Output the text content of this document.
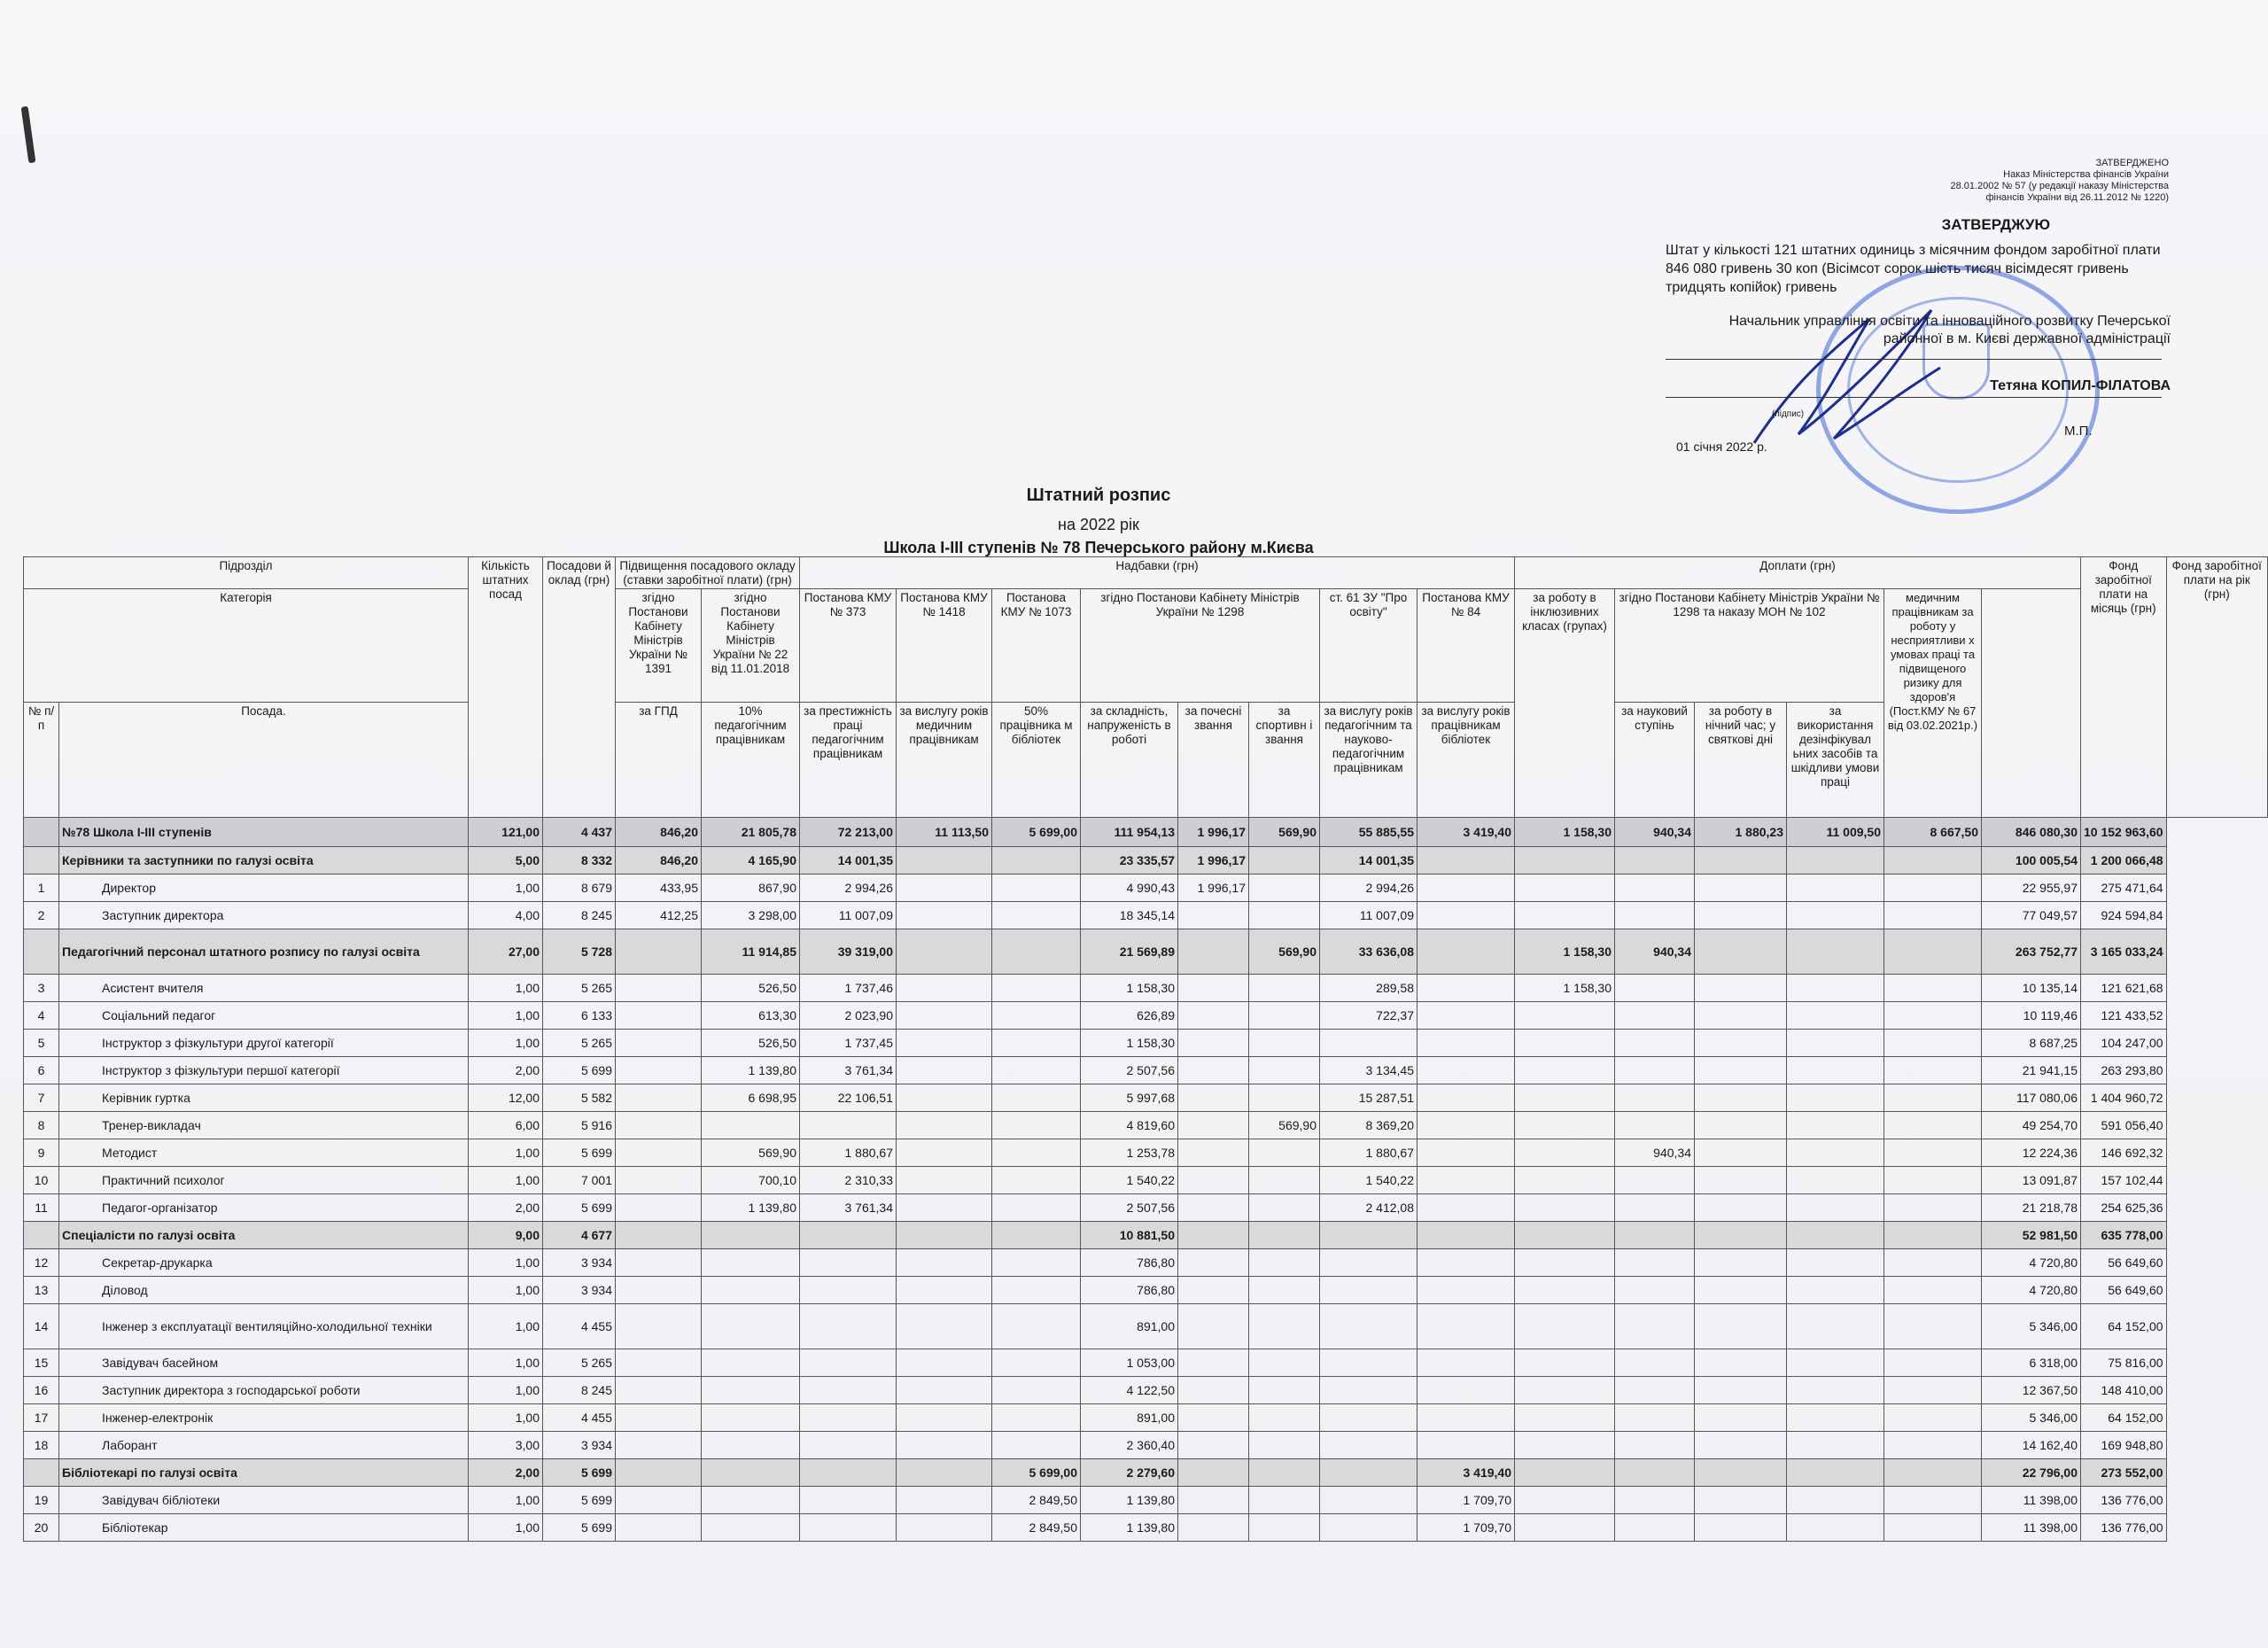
ЗАТВЕРДЖЕНО
Наказ Міністерства фінансів України
28.01.2002 № 57 (у редакції наказу Міністерства
фінансів України від 26.11.2012 № 1220)
ЗАТВЕРДЖУЮ
Штат у кількості 121 штатних одиниць з місячним фондом заробітної плати 846 080 гривень 30 коп (Вісімсот сорок шість тисяч вісімдесят гривень тридцять копійок) гривень
Начальник управління освіти та інноваційного розвитку Печерської районної в м. Києві державної адміністрації
Тетяна КОПИЛ-ФІЛАТОВА
(підпис)
М.П.
01 січня 2022 р.
Штатний розпис
на 2022 рік
Школа І-ІІІ ступенів № 78 Печерського району м.Києва
Підрозділ		Кількість штатних посад	Посадови й оклад (грн)	Підвищення посадового окладу (ставки заробітної плати) (грн)		Надбавки (грн)								Доплати (грн)						Фонд заробітної плати на місяць (грн)	Фонд заробітної плати на рік (грн)
Категорія				згідно Постанови Кабінету Міністрів України № 1391	згідно Постанови Кабінету Міністрів України № 22 від 11.01.2018	Постанова КМУ № 373	Постанова КМУ № 1418	Постанова КМУ № 1073	згідно Постанови Кабінету Міністрів України № 1298			ст. 61 ЗУ "Про освіту"	Постанова КМУ № 84	за роботу в інклюзивних класах (групах)	згідно Постанови Кабінету Міністрів України № 1298 та наказу МОН № 102			медичним працівникам за роботу у несприятливи х умовах праці та підвищеного ризику для здоров'я (Пост.КМУ № 67 від 03.02.2021р.)			
№ п/п	Посада.			за ГПД	10% педагогічним працівникам	за престижність праці педагогічним працівникам	за вислугу років медичним працівникам	50% працівника м бібліотек	за складність, напруженість в роботі	за почесні звання	за спортивн і звання	за вислугу років педагогічним та науково-педагогічним працівникам	за вислугу років працівникам бібліотек		за науковий ступінь	за роботу в нічний час; у святкові дні	за використання дезінфікувал ьних засобів та шкідливи умови праці				
	№78 Школа І-ІІІ ступенів	121,00	4 437	846,20	21 805,78	72 213,00	11 113,50	5 699,00	111 954,13	1 996,17	569,90	55 885,55	3 419,40	1 158,30	940,34	1 880,23	11 009,50	8 667,50	846 080,30	10 152 963,60	
	Керівники та заступники по галузі освіта	5,00	8 332	846,20	4 165,90	14 001,35			23 335,57	1 996,17		14 001,35							100 005,54	1 200 066,48	
1	Директор	1,00	8 679	433,95	867,90	2 994,26			4 990,43	1 996,17		2 994,26							22 955,97	275 471,64	
2	Заступник директора	4,00	8 245	412,25	3 298,00	11 007,09			18 345,14			11 007,09							77 049,57	924 594,84	
	Педагогічний персонал штатного розпису по галузі освіта	27,00	5 728		11 914,85	39 319,00			21 569,89		569,90	33 636,08		1 158,30	940,34				263 752,77	3 165 033,24	
3	Асистент вчителя	1,00	5 265		526,50	1 737,46			1 158,30			289,58		1 158,30					10 135,14	121 621,68	
4	Соціальний педагог	1,00	6 133		613,30	2 023,90			626,89			722,37							10 119,46	121 433,52	
5	Інструктор з фізкультури другої категорії	1,00	5 265		526,50	1 737,45			1 158,30										8 687,25	104 247,00	
6	Інструктор з фізкультури першої категорії	2,00	5 699		1 139,80	3 761,34			2 507,56			3 134,45							21 941,15	263 293,80	
7	Керівник гуртка	12,00	5 582		6 698,95	22 106,51			5 997,68			15 287,51							117 080,06	1 404 960,72	
8	Тренер-викладач	6,00	5 916						4 819,60		569,90	8 369,20							49 254,70	591 056,40	
9	Методист	1,00	5 699		569,90	1 880,67			1 253,78			1 880,67			940,34				12 224,36	146 692,32	
10	Практичний психолог	1,00	7 001		700,10	2 310,33			1 540,22			1 540,22							13 091,87	157 102,44	
11	Педагог-організатор	2,00	5 699		1 139,80	3 761,34			2 507,56			2 412,08							21 218,78	254 625,36	
	Спеціалісти по галузі освіта	9,00	4 677						10 881,50										52 981,50	635 778,00	
12	Секретар-друкарка	1,00	3 934						786,80										4 720,80	56 649,60	
13	Діловод	1,00	3 934						786,80										4 720,80	56 649,60	
14	Інженер з експлуатації вентиляційно-холодильної техніки	1,00	4 455						891,00										5 346,00	64 152,00	
15	Завідувач басейном	1,00	5 265						1 053,00										6 318,00	75 816,00	
16	Заступник директора з господарської роботи	1,00	8 245						4 122,50										12 367,50	148 410,00	
17	Інженер-електронік	1,00	4 455						891,00										5 346,00	64 152,00	
18	Лаборант	3,00	3 934						2 360,40										14 162,40	169 948,80	
	Бібліотекарі по галузі освіта	2,00	5 699					5 699,00	2 279,60				3 419,40						22 796,00	273 552,00	
19	Завідувач бібліотеки	1,00	5 699					2 849,50	1 139,80				1 709,70						11 398,00	136 776,00	
20	Бібліотекар	1,00	5 699					2 849,50	1 139,80				1 709,70						11 398,00	136 776,00	
